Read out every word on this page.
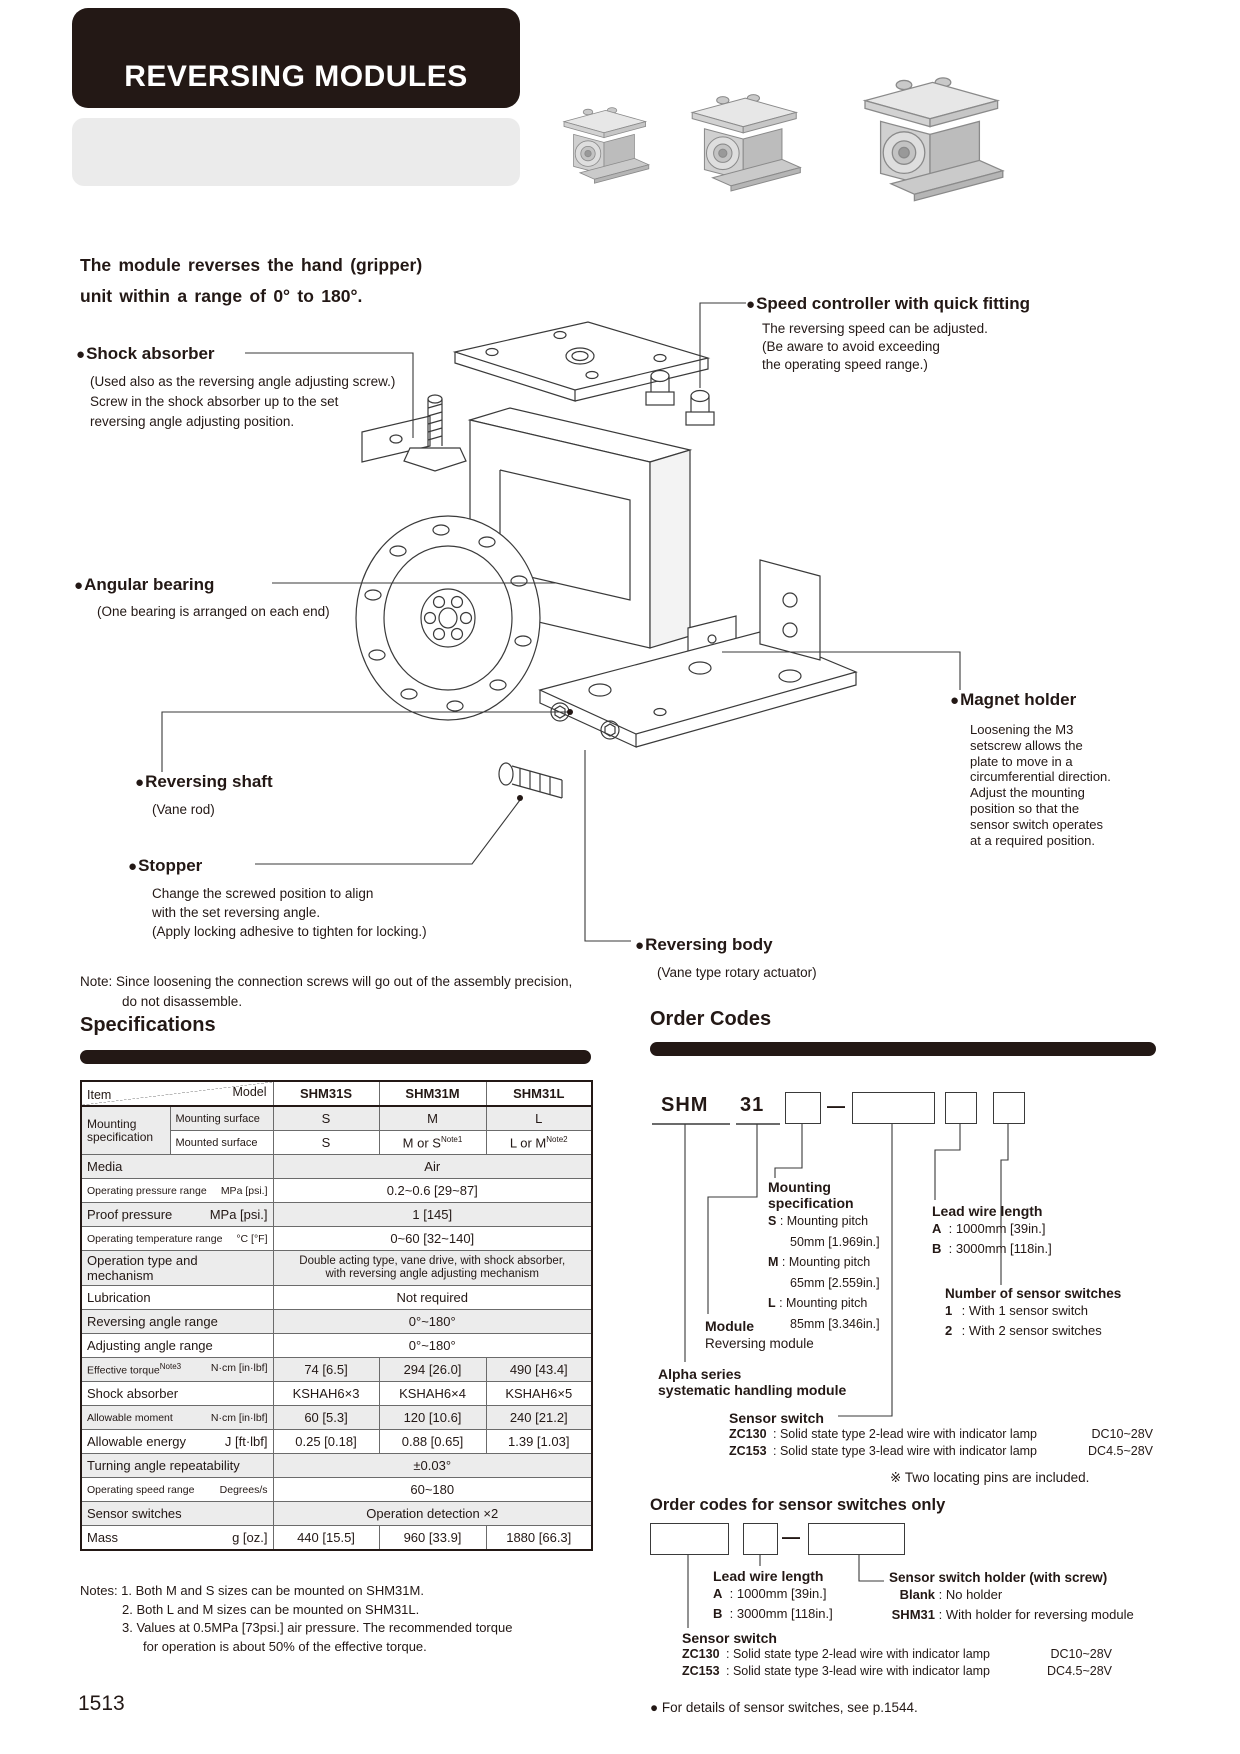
REVERSING MODULES
The module reverses the hand (gripper)
unit within a range of 0° to 180°.	●Speed controller with quick fitting
The reversing speed can be adjusted.
(Be aware to avoid exceeding
the operating speed range.)
●Shock absorber
(Used also as the reversing angle adjusting screw.)
Screw in the shock absorber up to the set
reversing angle adjusting position.
●Angular bearing
(One bearing is arranged on each end)
●Reversing shaft
(Vane rod)
●Stopper
Change the screwed position to align
with the set reversing angle.
(Apply locking adhesive to tighten for locking.)
●Magnet holder
Loosening the M3
setscrew allows the
plate to move in a
circumferential direction.
Adjust the mounting
position so that the
sensor switch operates
at a required position.
●Reversing body
(Vane type rotary actuator)
Note: Since loosening the connection screws will go out of the assembly precision,
do not disassemble.
Specifications
Model
Item		SHM31S	SHM31M	SHM31L
Mounting specification	Mounting surface	S	M	L
	Mounted surface	S	M or $S^{Note1}$	L or $M^{Note2}$
Media		Air		
Operating pressure range MPa [psi.]		0.2~0.6 [29~87]		
Proof pressure MPa [psi.]		1 [145]		
Operating temperature range °C [°F]		0~60 [32~140]		
Operation type and mechanism		Double acting type, vane drive, with shock absorber,
with reversing angle adjusting mechanism		

Lubrication		Not required		
Reversing angle range		0°~180°		
Adjusting angle range		0°~180°		
Effective torque$^{Note3}$ N·cm [in·lbf]		74 [6.5]	294 [26.0]	490 [43.4]
Shock absorber		KSHAH6×3	KSHAH6×4	KSHAH6×5
Allowable moment N·cm [in·lbf]		60 [5.3]	120 [10.6]	240 [21.2]
Allowable energy J [ft·lbf]		0.25 [0.18]	0.88 [0.65]	1.39 [1.03]
Turning angle repeatability		±0.03°		
Operating speed range Degrees/s		60~180		
Sensor switches		Operation detection ×2		
Mass g [oz.]		440 [15.5]	960 [33.9]	1880 [66.3]
Notes: 1. Both M and S sizes can be mounted on SHM31M.
2. Both L and M sizes can be mounted on SHM31L.
3. Values at 0.5MPa [73psi.] air pressure. The recommended torque
for operation is about 50% of the effective torque.
Order Codes
SHM 31	—
Mounting
specification
S : Mounting pitch
50mm [1.969in.]
M : Mounting pitch
65mm [2.559in.]
L : Mounting pitch
85mm [3.346in.]
Module
Reversing module
Alpha series
systematic handling module
Lead wire length
A : 1000mm [39in.]
B : 3000mm [118in.]
Number of sensor switches
1 : With 1 sensor switch
2 : With 2 sensor switches
Sensor switch
ZC130 : Solid state type 2-lead wire with indicator lamp	DC10~28V
ZC153 : Solid state type 3-lead wire with indicator lamp	DC4.5~28V
※ Two locating pins are included.
Order codes for sensor switches only
—
Lead wire length
A : 1000mm [39in.]
B : 3000mm [118in.]
Sensor switch holder (with screw)
Blank : No holder
SHM31 : With holder for reversing module
Sensor switch
ZC130 : Solid state type 2-lead wire with indicator lamp	DC10~28V
ZC153 : Solid state type 3-lead wire with indicator lamp	DC4.5~28V
● For details of sensor switches, see p.1544.
1513
